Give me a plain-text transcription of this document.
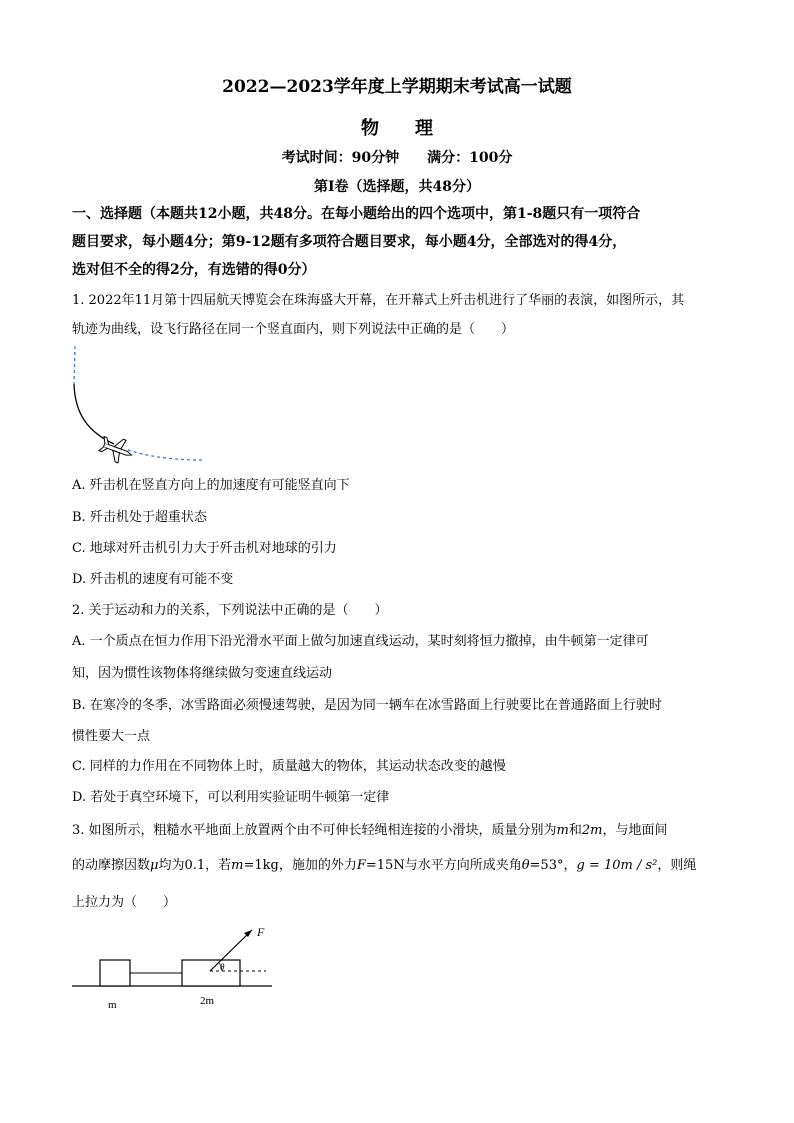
2022—2023学年度上学期期末考试高一试题
物　　理
考试时间：90分钟　　满分：100分
第Ⅰ卷（选择题，共48分）
一、选择题（本题共12小题，共48分。在每小题给出的四个选项中，第1-8题只有一项符合
题目要求，每小题4分；第9-12题有多项符合题目要求，每小题4分，全部选对的得4分，
选对但不全的得2分，有选错的得0分）
1. 2022年11月第十四届航天博览会在珠海盛大开幕，在开幕式上歼击机进行了华丽的表演，如图所示，其
轨迹为曲线，设飞行路径在同一个竖直面内，则下列说法中正确的是（　　）
A. 歼击机在竖直方向上的加速度有可能竖直向下
B. 歼击机处于超重状态
C. 地球对歼击机引力大于歼击机对地球的引力
D. 歼击机的速度有可能不变
2. 关于运动和力的关系，下列说法中正确的是（　　）
A. 一个质点在恒力作用下沿光滑水平面上做匀加速直线运动，某时刻将恒力撤掉，由牛顿第一定律可
知，因为惯性该物体将继续做匀变速直线运动
B. 在寒冷的冬季，冰雪路面必须慢速驾驶，是因为同一辆车在冰雪路面上行驶要比在普通路面上行驶时
惯性要大一点
C. 同样的力作用在不同物体上时，质量越大的物体，其运动状态改变的越慢
D. 若处于真空环境下，可以利用实验证明牛顿第一定律
3. 如图所示，粗糙水平地面上放置两个由不可伸长轻绳相连接的小滑块，质量分别为m和2m，与地面间
的动摩擦因数μ均为0.1，若m=1kg，施加的外力F=15N与水平方向所成夹角θ=53°，g = 10m / s²，则绳
上拉力为（　　）
F
θ
m	2m
